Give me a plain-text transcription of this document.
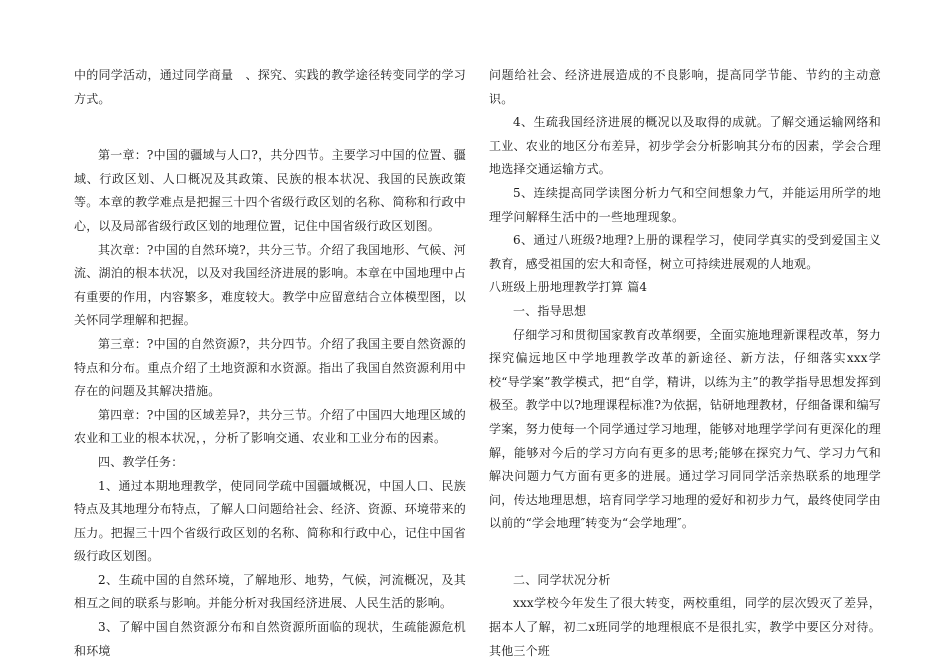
中的同学活动，通过同学商量　、探究、实践的教学途径转变同学的学习方式。

第一章：?中国的疆域与人口?，共分四节。主要学习中国的位置、疆域、行政区划、人口概况及其政策、民族的根本状况、我国的民族政策等。本章的教学难点是把握三十四个省级行政区划的名称、简称和行政中心，以及局部省级行政区划的地理位置，记住中国省级行政区划图。

其次章：?中国的自然环境?，共分三节。介绍了我国地形、气候、河流、湖泊的根本状况，以及对我国经济进展的影响。本章在中国地理中占有重要的作用，内容繁多，难度较大。教学中应留意结合立体模型图，以关怀同学理解和把握。

第三章：?中国的自然资源?，共分四节。介绍了我国主要自然资源的特点和分布。重点介绍了土地资源和水资源。指出了我国自然资源利用中存在的问题及其解决措施。

第四章：?中国的区域差异?，共分三节。介绍了中国四大地理区域的农业和工业的根本状况，，分析了影响交通、农业和工业分布的因素。

四、教学任务：

1、通过本期地理教学，使同同学疏中国疆域概况，中国人口、民族特点及其地理分布特点，了解人口问题给社会、经济、资源、环境带来的压力。把握三十四个省级行政区划的名称、简称和行政中心，记住中国省级行政区划图。

2、生疏中国的自然环境，了解地形、地势，气候，河流概况，及其相互之间的联系与影响。并能分析对我国经济进展、人民生活的影响。

3、了解中国自然资源分布和自然资源所面临的现状，生疏能源危机和环境

问题给社会、经济进展造成的不良影响，提高同学节能、节约的主动意识。

4、生疏我国经济进展的概况以及取得的成就。了解交通运输网络和工业、农业的地区分布差异，初步学会分析影响其分布的因素，学会合理地选择交通运输方式。

5、连续提高同学读图分析力气和空间想象力气，并能运用所学的地理学问解释生活中的一些地理现象。

6、通过八班级?地理?上册的课程学习，使同学真实的受到爱国主义教育，感受祖国的宏大和奇怪，树立可持续进展观的人地观。

八班级上册地理教学打算 篇4

一、指导思想

仔细学习和贯彻国家教育改革纲要，全面实施地理新课程改革，努力探究偏远地区中学地理教学改革的新途径、新方法，仔细落实xxx学校“导学案”教学模式，把“自学，精讲，以练为主”的教学指导思想发挥到极至。教学中以?地理课程标准?为依据，钻研地理教材，仔细备课和编写学案，努力使每一个同学通过学习地理，能够对地理学学问有更深化的理解，能够对今后的学习方向有更多的思考;能够在探究力气、学习力气和解决问题力气方面有更多的进展。通过学习同同学活亲热联系的地理学问，传达地理思想，培育同学学习地理的爱好和初步力气，最终使同学由以前的“学会地理″转变为“会学地理″。

二、同学状况分析

xxx学校今年发生了很大转变，两校重组，同学的层次毁灭了差异，据本人了解，初二x班同学的地理根底不是很扎实，教学中要区分对待。其他三个班
